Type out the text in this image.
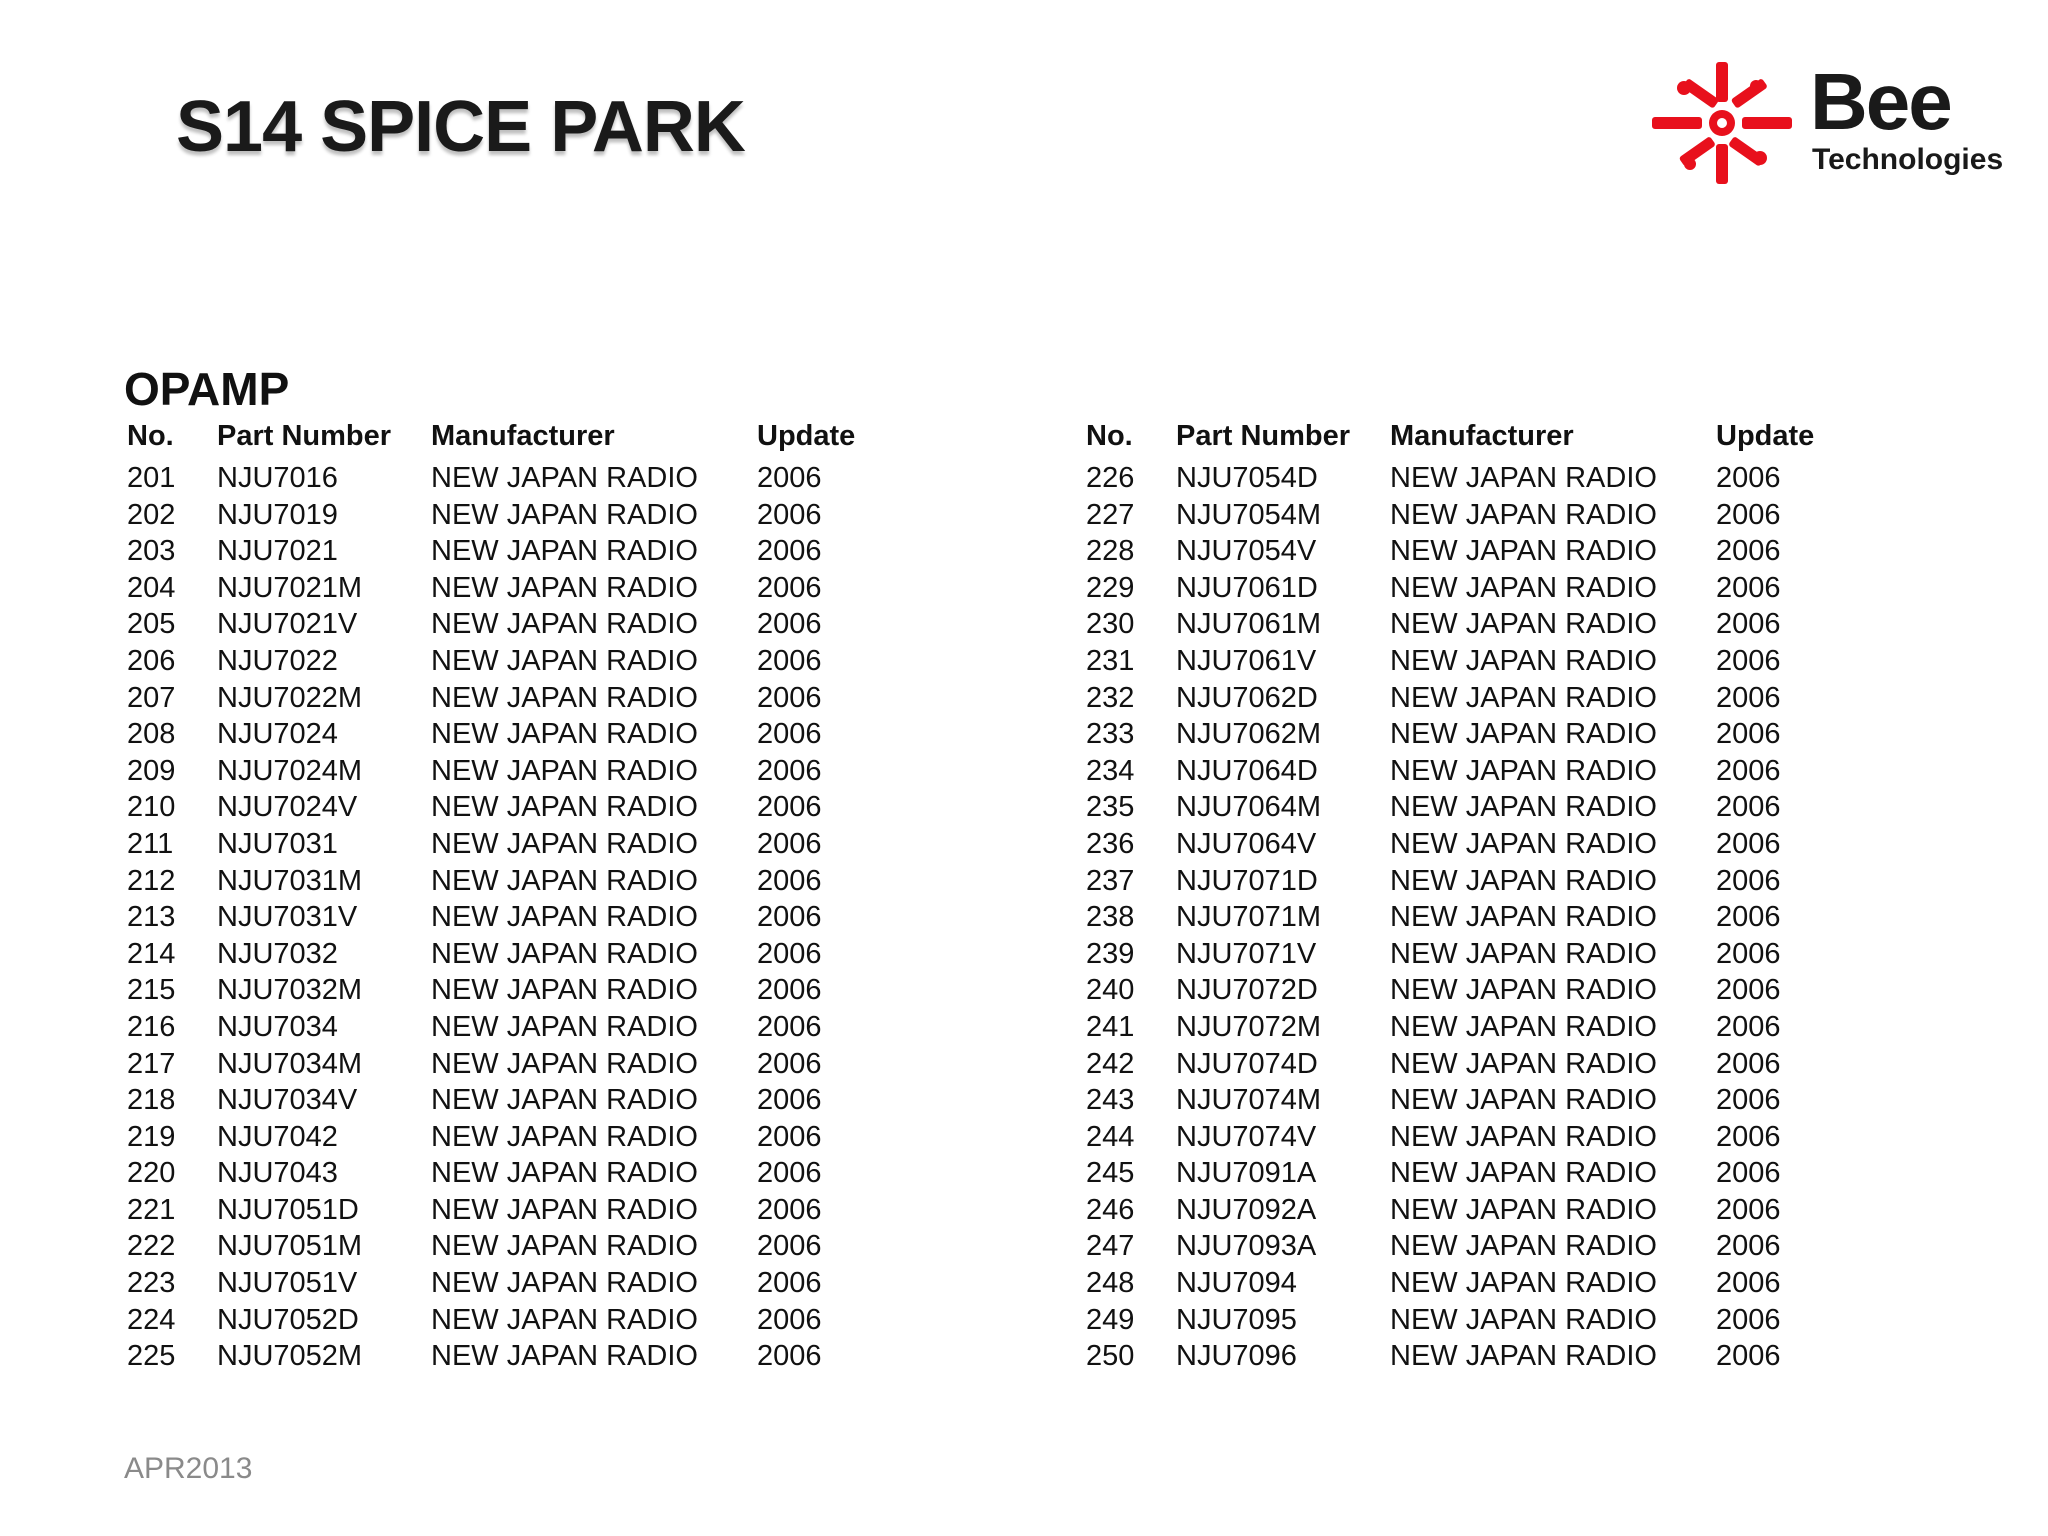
S14 SPICE PARK	Bee
Technologies
OPAMP
No. Part Number Manufacturer	Update
201 NJU7016	NEW JAPAN RADIO 2006
202 NJU7019	NEW JAPAN RADIO 2006
203 NJU7021	NEW JAPAN RADIO 2006
204 NJU7021M NEW JAPAN RADIO 2006
205 NJU7021V	NEW JAPAN RADIO 2006
206 NJU7022	NEW JAPAN RADIO 2006
207 NJU7022M NEW JAPAN RADIO 2006
208 NJU7024	NEW JAPAN RADIO 2006
209 NJU7024M NEW JAPAN RADIO 2006
210 NJU7024V	NEW JAPAN RADIO 2006
211 NJU7031	NEW JAPAN RADIO 2006
212 NJU7031M NEW JAPAN RADIO 2006
213 NJU7031V	NEW JAPAN RADIO 2006
214 NJU7032	NEW JAPAN RADIO 2006
215 NJU7032M NEW JAPAN RADIO 2006
216 NJU7034	NEW JAPAN RADIO 2006
217 NJU7034M NEW JAPAN RADIO 2006
218 NJU7034V	NEW JAPAN RADIO 2006
219 NJU7042	NEW JAPAN RADIO 2006
220 NJU7043	NEW JAPAN RADIO 2006
221 NJU7051D NEW JAPAN RADIO 2006
222 NJU7051M NEW JAPAN RADIO 2006
223 NJU7051V	NEW JAPAN RADIO 2006
224 NJU7052D NEW JAPAN RADIO 2006
225 NJU7052M NEW JAPAN RADIO 2006
No. Part Number Manufacturer	Update
226 NJU7054D NEW JAPAN RADIO 2006
227 NJU7054M NEW JAPAN RADIO 2006
228 NJU7054V	NEW JAPAN RADIO 2006
229 NJU7061D NEW JAPAN RADIO 2006
230 NJU7061M NEW JAPAN RADIO 2006
231 NJU7061V	NEW JAPAN RADIO 2006
232 NJU7062D NEW JAPAN RADIO 2006
233 NJU7062M NEW JAPAN RADIO 2006
234 NJU7064D NEW JAPAN RADIO 2006
235 NJU7064M NEW JAPAN RADIO 2006
236 NJU7064V	NEW JAPAN RADIO 2006
237 NJU7071D NEW JAPAN RADIO 2006
238 NJU7071M NEW JAPAN RADIO 2006
239 NJU7071V	NEW JAPAN RADIO 2006
240 NJU7072D NEW JAPAN RADIO 2006
241 NJU7072M NEW JAPAN RADIO 2006
242 NJU7074D NEW JAPAN RADIO 2006
243 NJU7074M NEW JAPAN RADIO 2006
244 NJU7074V	NEW JAPAN RADIO 2006
245 NJU7091A	NEW JAPAN RADIO 2006
246 NJU7092A	NEW JAPAN RADIO 2006
247 NJU7093A	NEW JAPAN RADIO 2006
248 NJU7094	NEW JAPAN RADIO 2006
249 NJU7095	NEW JAPAN RADIO 2006
250 NJU7096	NEW JAPAN RADIO 2006
APR2013
